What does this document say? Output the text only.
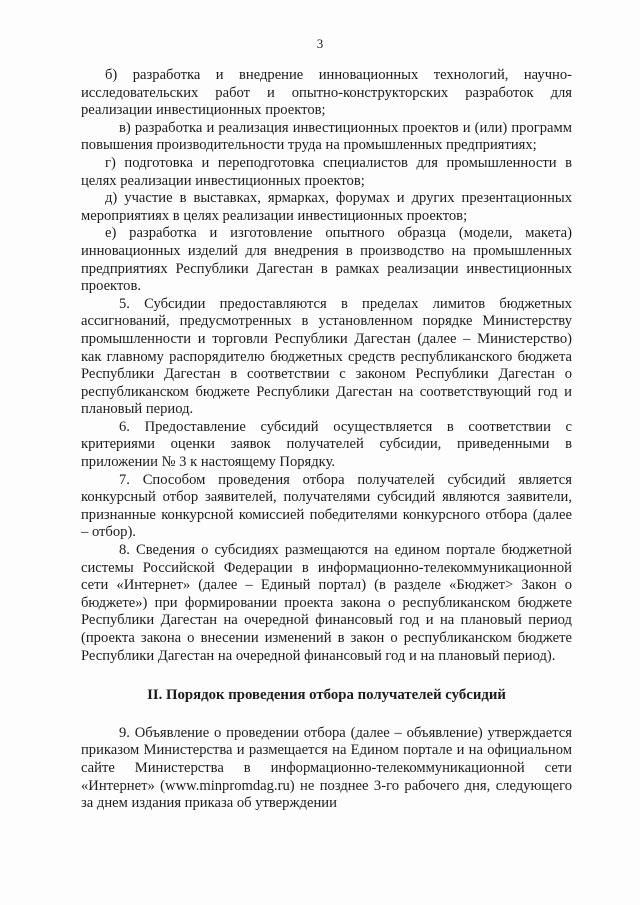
3

б) разработка и внедрение инновационных технологий, научно-исследовательских работ и опытно-конструкторских разработок для реализации инвестиционных проектов;

в) разработка и реализация инвестиционных проектов и (или) программ повышения производительности труда на промышленных предприятиях;

г) подготовка и переподготовка специалистов для промышленности в целях реализации инвестиционных проектов;

д) участие в выставках, ярмарках, форумах и других презентационных мероприятиях в целях реализации инвестиционных проектов;

е) разработка и изготовление опытного образца (модели, макета) инновационных изделий для внедрения в производство на промышленных предприятиях Республики Дагестан в рамках реализации инвестиционных проектов.

5. Субсидии предоставляются в пределах лимитов бюджетных ассигнований, предусмотренных в установленном порядке Министерству промышленности и торговли Республики Дагестан (далее – Министерство) как главному распорядителю бюджетных средств республиканского бюджета Республики Дагестан в соответствии с законом Республики Дагестан о республиканском бюджете Республики Дагестан на соответствующий год и плановый период.

6. Предоставление субсидий осуществляется в соответствии с критериями оценки заявок получателей субсидии, приведенными в приложении № 3 к настоящему Порядку.

7. Способом проведения отбора получателей субсидий является конкурсный отбор заявителей, получателями субсидий являются заявители, признанные конкурсной комиссией победителями конкурсного отбора (далее – отбор).

8. Сведения о субсидиях размещаются на едином портале бюджетной системы Российской Федерации в информационно-телекоммуникационной сети «Интернет» (далее – Единый портал) (в разделе «Бюджет> Закон о бюджете») при формировании проекта закона о республиканском бюджете Республики Дагестан на очередной финансовый год и на плановый период (проекта закона о внесении изменений в закон о республиканском бюджете Республики Дагестан на очередной финансовый год и на плановый период).

II. Порядок проведения отбора получателей субсидий

9. Объявление о проведении отбора (далее – объявление) утверждается приказом Министерства и размещается на Едином портале и на официальном сайте Министерства в информационно-телекоммуникационной сети «Интернет» (www.minpromdag.ru) не позднее 3-го рабочего дня, следующего за днем издания приказа об утверждении
